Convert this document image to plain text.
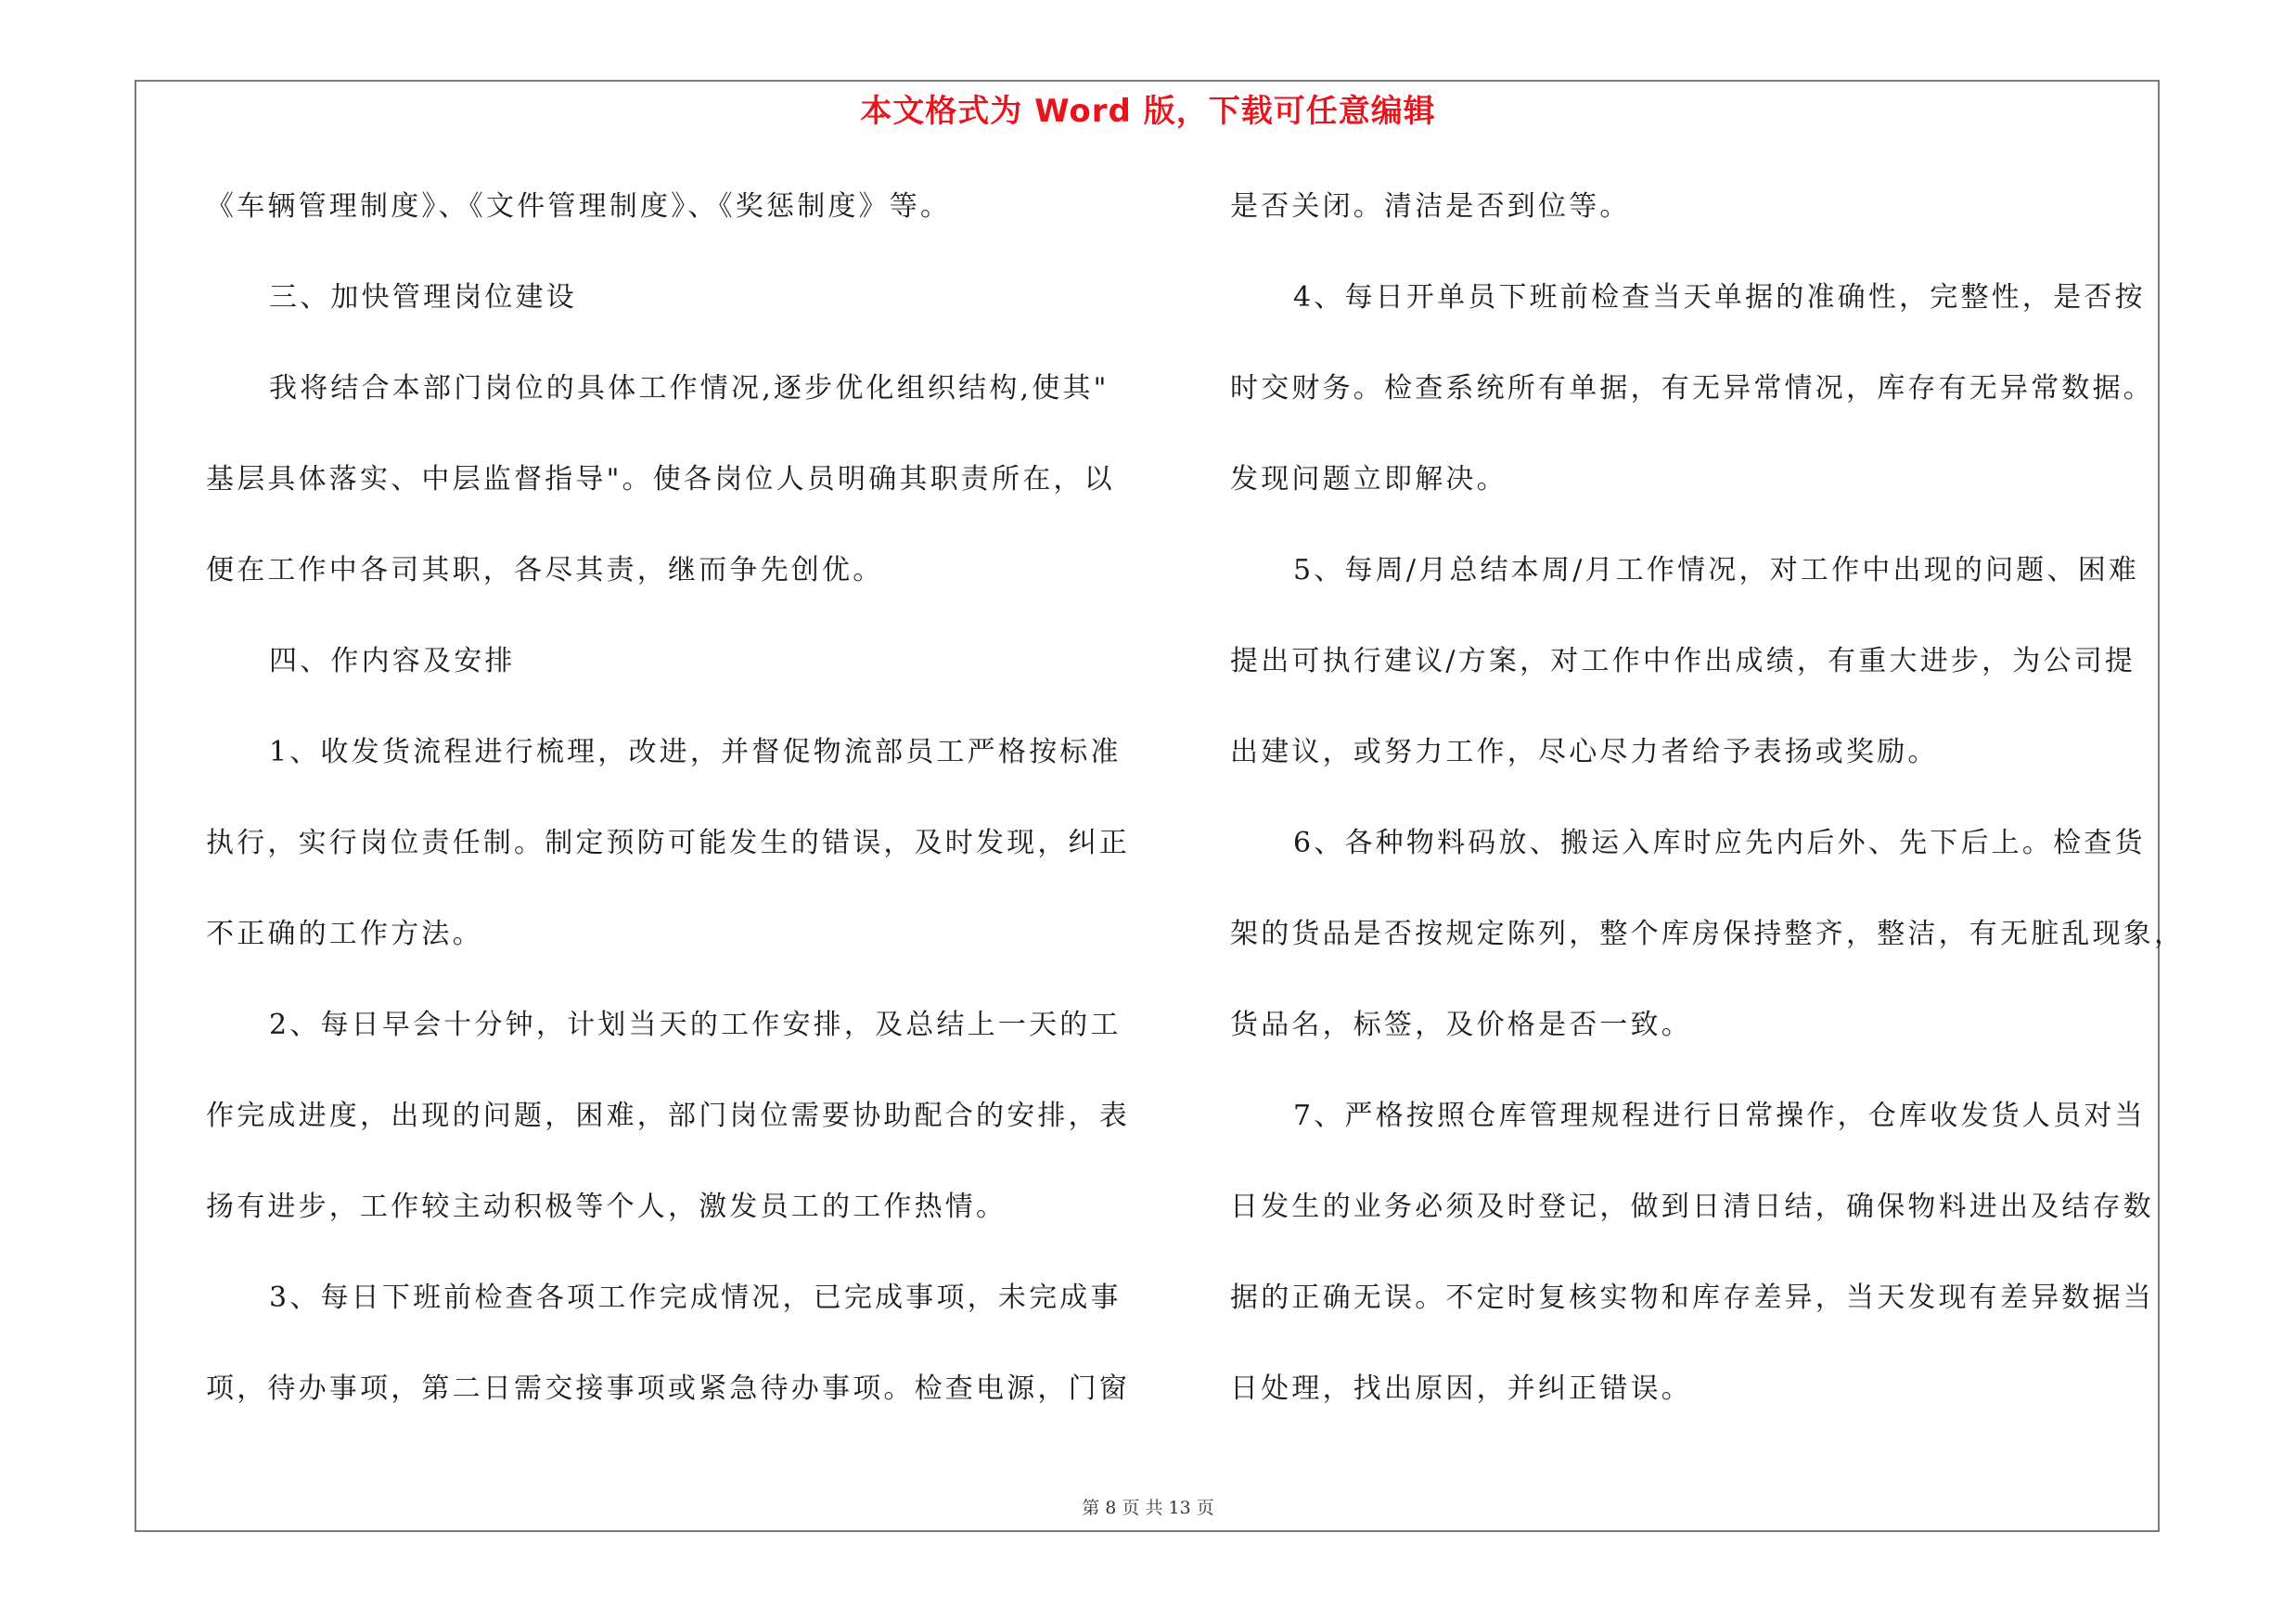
本文格式为 Word 版，下载可任意编辑
《车辆管理制度》、《文件管理制度》、《奖惩制度》等。
三、加快管理岗位建设
我将结合本部门岗位的具体工作情况,逐步优化组织结构,使其"
基层具体落实、中层监督指导"。使各岗位人员明确其职责所在，以
便在工作中各司其职，各尽其责，继而争先创优。
四、作内容及安排
1、收发货流程进行梳理，改进，并督促物流部员工严格按标准
执行，实行岗位责任制。制定预防可能发生的错误，及时发现，纠正
不正确的工作方法。
2、每日早会十分钟，计划当天的工作安排，及总结上一天的工
作完成进度，出现的问题，困难，部门岗位需要协助配合的安排，表
扬有进步，工作较主动积极等个人，激发员工的工作热情。
3、每日下班前检查各项工作完成情况，已完成事项，未完成事
项，待办事项，第二日需交接事项或紧急待办事项。检查电源，门窗
是否关闭。清洁是否到位等。
4、每日开单员下班前检查当天单据的准确性，完整性，是否按
时交财务。检查系统所有单据，有无异常情况，库存有无异常数据。
发现问题立即解决。
5、每周/月总结本周/月工作情况，对工作中出现的问题、困难
提出可执行建议/方案，对工作中作出成绩，有重大进步，为公司提
出建议，或努力工作，尽心尽力者给予表扬或奖励。
6、各种物料码放、搬运入库时应先内后外、先下后上。检查货
架的货品是否按规定陈列，整个库房保持整齐，整洁，有无脏乱现象，
货品名，标签，及价格是否一致。
7、严格按照仓库管理规程进行日常操作，仓库收发货人员对当
日发生的业务必须及时登记，做到日清日结，确保物料进出及结存数
据的正确无误。不定时复核实物和库存差异，当天发现有差异数据当
日处理，找出原因，并纠正错误。
第 8 页 共 13 页
